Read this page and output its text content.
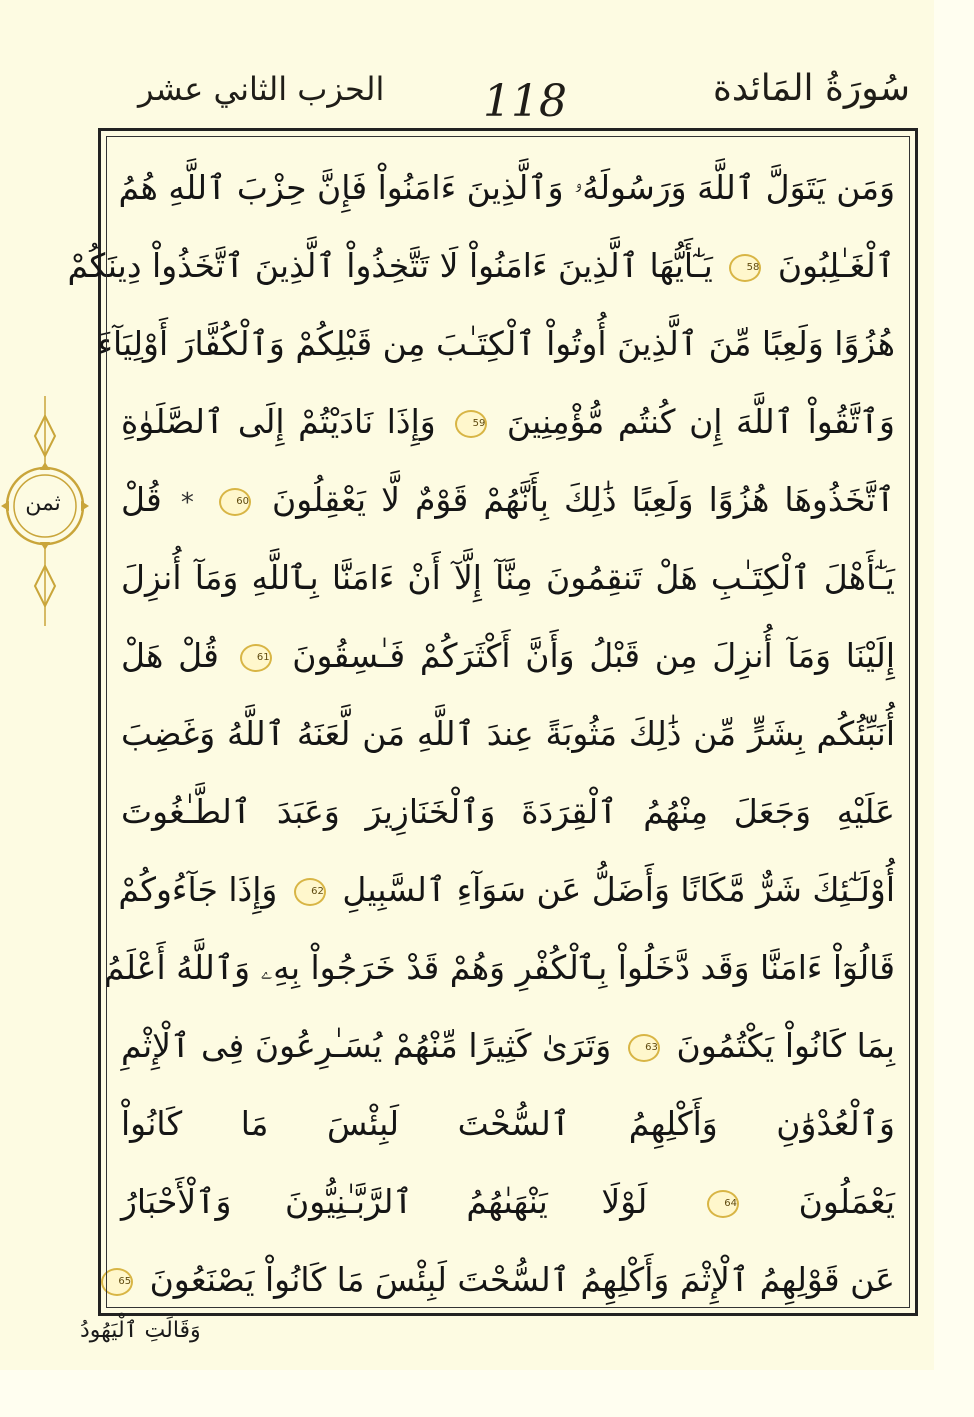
سُورَةُ المَائدة
118
الحزب الثاني عشر
وَمَن يَتَوَلَّ ٱللَّهَ وَرَسُولَهُۥ وَٱلَّذِينَ ءَامَنُواْ فَإِنَّ حِزْبَ ٱللَّهِ هُمُ
ٱلْغَـٰلِبُونَ 58 يَـٰٓأَيُّهَا ٱلَّذِينَ ءَامَنُواْ لَا تَتَّخِذُواْ ٱلَّذِينَ ٱتَّخَذُواْ دِينَكُمْ
هُزُوًا وَلَعِبًا مِّنَ ٱلَّذِينَ أُوتُواْ ٱلْكِتَـٰبَ مِن قَبْلِكُمْ وَٱلْكُفَّارَ أَوْلِيَآءَ
وَٱتَّقُواْ ٱللَّهَ إِن كُنتُم مُّؤْمِنِينَ 59 وَإِذَا نَادَيْتُمْ إِلَى ٱلصَّلَوٰةِ
ٱتَّخَذُوهَا هُزُوًا وَلَعِبًا ذَٰلِكَ بِأَنَّهُمْ قَوْمٌ لَّا يَعْقِلُونَ 60 * قُلْ
يَـٰٓأَهْلَ ٱلْكِتَـٰبِ هَلْ تَنقِمُونَ مِنَّآ إِلَّآ أَنْ ءَامَنَّا بِٱللَّهِ وَمَآ أُنزِلَ
إِلَيْنَا وَمَآ أُنزِلَ مِن قَبْلُ وَأَنَّ أَكْثَرَكُمْ فَـٰسِقُونَ 61 قُلْ هَلْ
أُنَبِّئُكُم بِشَرٍّ مِّن ذَٰلِكَ مَثُوبَةً عِندَ ٱللَّهِ مَن لَّعَنَهُ ٱللَّهُ وَغَضِبَ
عَلَيْهِ وَجَعَلَ مِنْهُمُ ٱلْقِرَدَةَ وَٱلْخَنَازِيرَ وَعَبَدَ ٱلطَّـٰغُوتَ
أُوْلَـٰٓئِكَ شَرٌّ مَّكَانًا وَأَضَلُّ عَن سَوَآءِ ٱلسَّبِيلِ 62 وَإِذَا جَآءُوكُمْ
قَالُوٓاْ ءَامَنَّا وَقَد دَّخَلُواْ بِٱلْكُفْرِ وَهُمْ قَدْ خَرَجُواْ بِهِۦ وَٱللَّهُ أَعْلَمُ
بِمَا كَانُواْ يَكْتُمُونَ 63 وَتَرَىٰ كَثِيرًا مِّنْهُمْ يُسَـٰرِعُونَ فِى ٱلْإِثْمِ
وَٱلْعُدْوَٰنِ وَأَكْلِهِمُ ٱلسُّحْتَ لَبِئْسَ مَا كَانُواْ
يَعْمَلُونَ 64 لَوْلَا يَنْهَىٰهُمُ ٱلرَّبَّـٰنِيُّونَ وَٱلْأَحْبَارُ
عَن قَوْلِهِمُ ٱلْإِثْمَ وَأَكْلِهِمُ ٱلسُّحْتَ لَبِئْسَ مَا كَانُواْ يَصْنَعُونَ 65
ثمن
وَقَالَتِ ٱلْيَهُودُ
